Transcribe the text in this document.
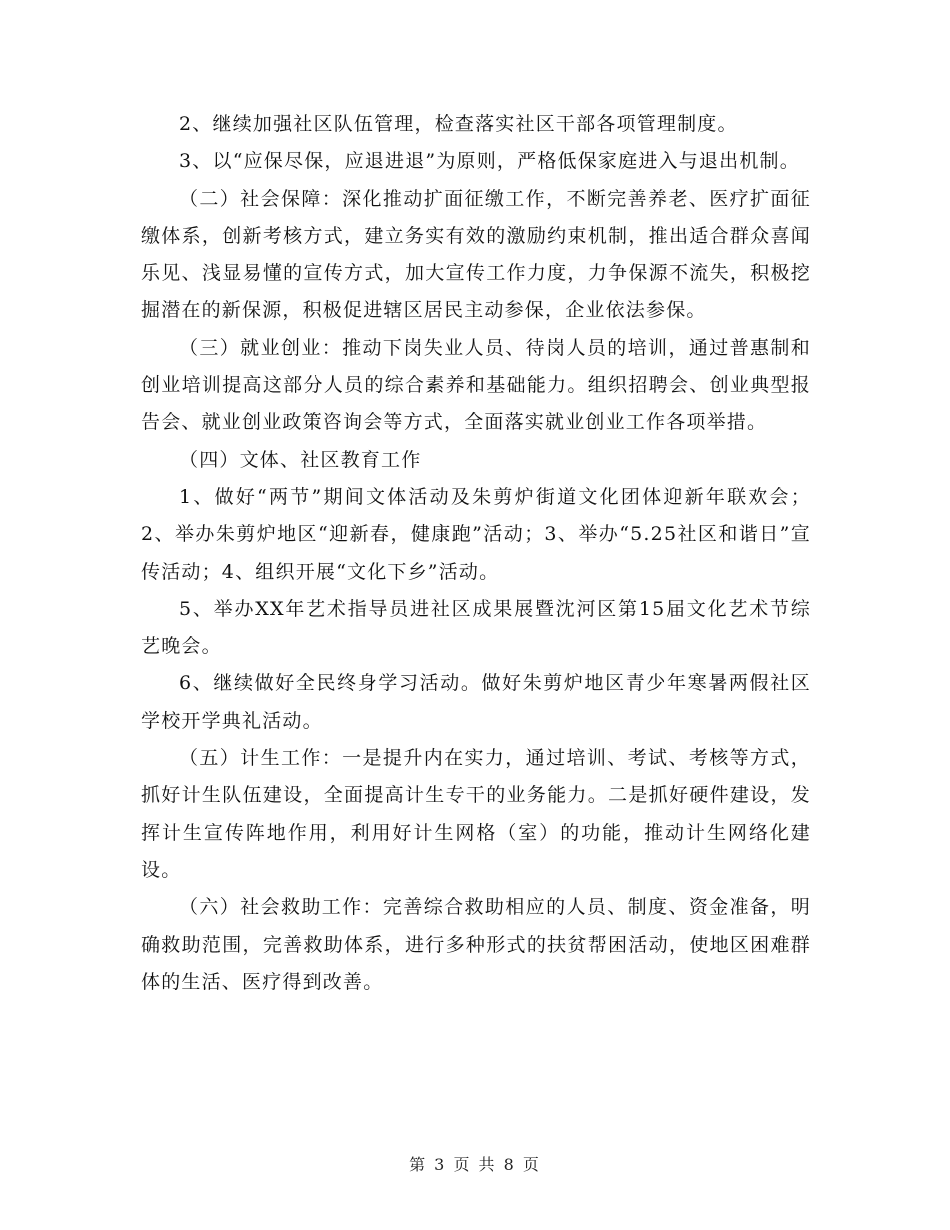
2、继续加强社区队伍管理，检查落实社区干部各项管理制度。

3、以“应保尽保，应退进退”为原则，严格低保家庭进入与退出机制。

（二）社会保障：深化推动扩面征缴工作，不断完善养老、医疗扩面征缴体系，创新考核方式，建立务实有效的激励约束机制，推出适合群众喜闻乐见、浅显易懂的宣传方式，加大宣传工作力度，力争保源不流失，积极挖掘潜在的新保源，积极促进辖区居民主动参保，企业依法参保。

（三）就业创业：推动下岗失业人员、待岗人员的培训，通过普惠制和创业培训提高这部分人员的综合素养和基础能力。组织招聘会、创业典型报告会、就业创业政策咨询会等方式，全面落实就业创业工作各项举措。

（四）文体、社区教育工作

1、做好“两节”期间文体活动及朱剪炉街道文化团体迎新年联欢会；2、举办朱剪炉地区“迎新春，健康跑”活动；3、举办“5.25社区和谐日”宣传活动；4、组织开展“文化下乡”活动。

5、举办XX年艺术指导员进社区成果展暨沈河区第15届文化艺术节综艺晚会。

6、继续做好全民终身学习活动。做好朱剪炉地区青少年寒暑两假社区学校开学典礼活动。

（五）计生工作：一是提升内在实力，通过培训、考试、考核等方式，抓好计生队伍建设，全面提高计生专干的业务能力。二是抓好硬件建设，发挥计生宣传阵地作用，利用好计生网格（室）的功能，推动计生网络化建设。

（六）社会救助工作：完善综合救助相应的人员、制度、资金准备，明确救助范围，完善救助体系，进行多种形式的扶贫帮困活动，使地区困难群体的生活、医疗得到改善。

第 3 页 共 8 页
